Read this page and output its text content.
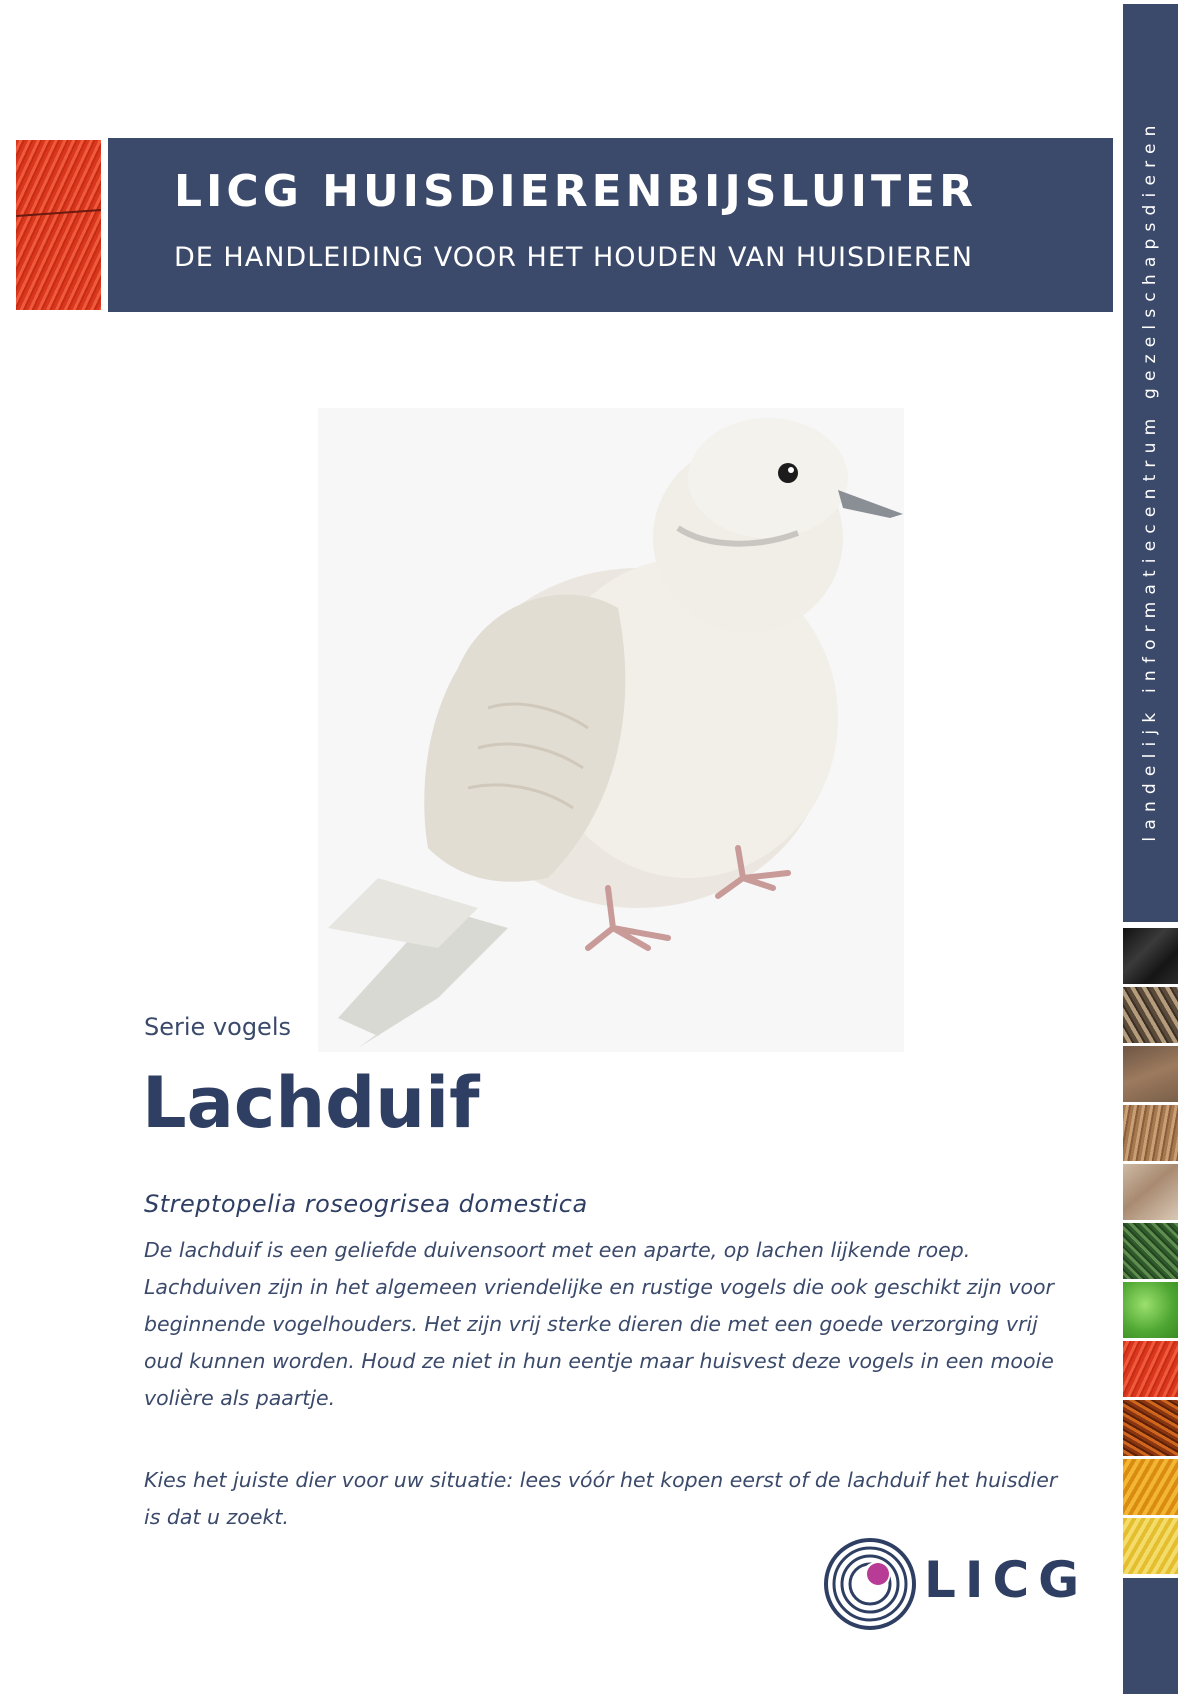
LICG HUISDIERENBIJSLUITER
DE HANDLEIDING VOOR HET HOUDEN VAN HUISDIEREN	landelijk informatiecentrum gezelschapsdieren
Serie vogels
Lachduif
Streptopelia roseogrisea domestica
De lachduif is een geliefde duivensoort met een aparte, op lachen lijkende roep. Lachduiven zijn in het algemeen vriendelijke en rustige vogels die ook geschikt zijn voor beginnende vogelhouders. Het zijn vrij sterke dieren die met een goede verzorging vrij oud kunnen worden. Houd ze niet in hun eentje maar huisvest deze vogels in een mooie volière als paartje.
Kies het juiste dier voor uw situatie: lees vóór het kopen eerst of de lachduif het huisdier is dat u zoekt.
LICG
